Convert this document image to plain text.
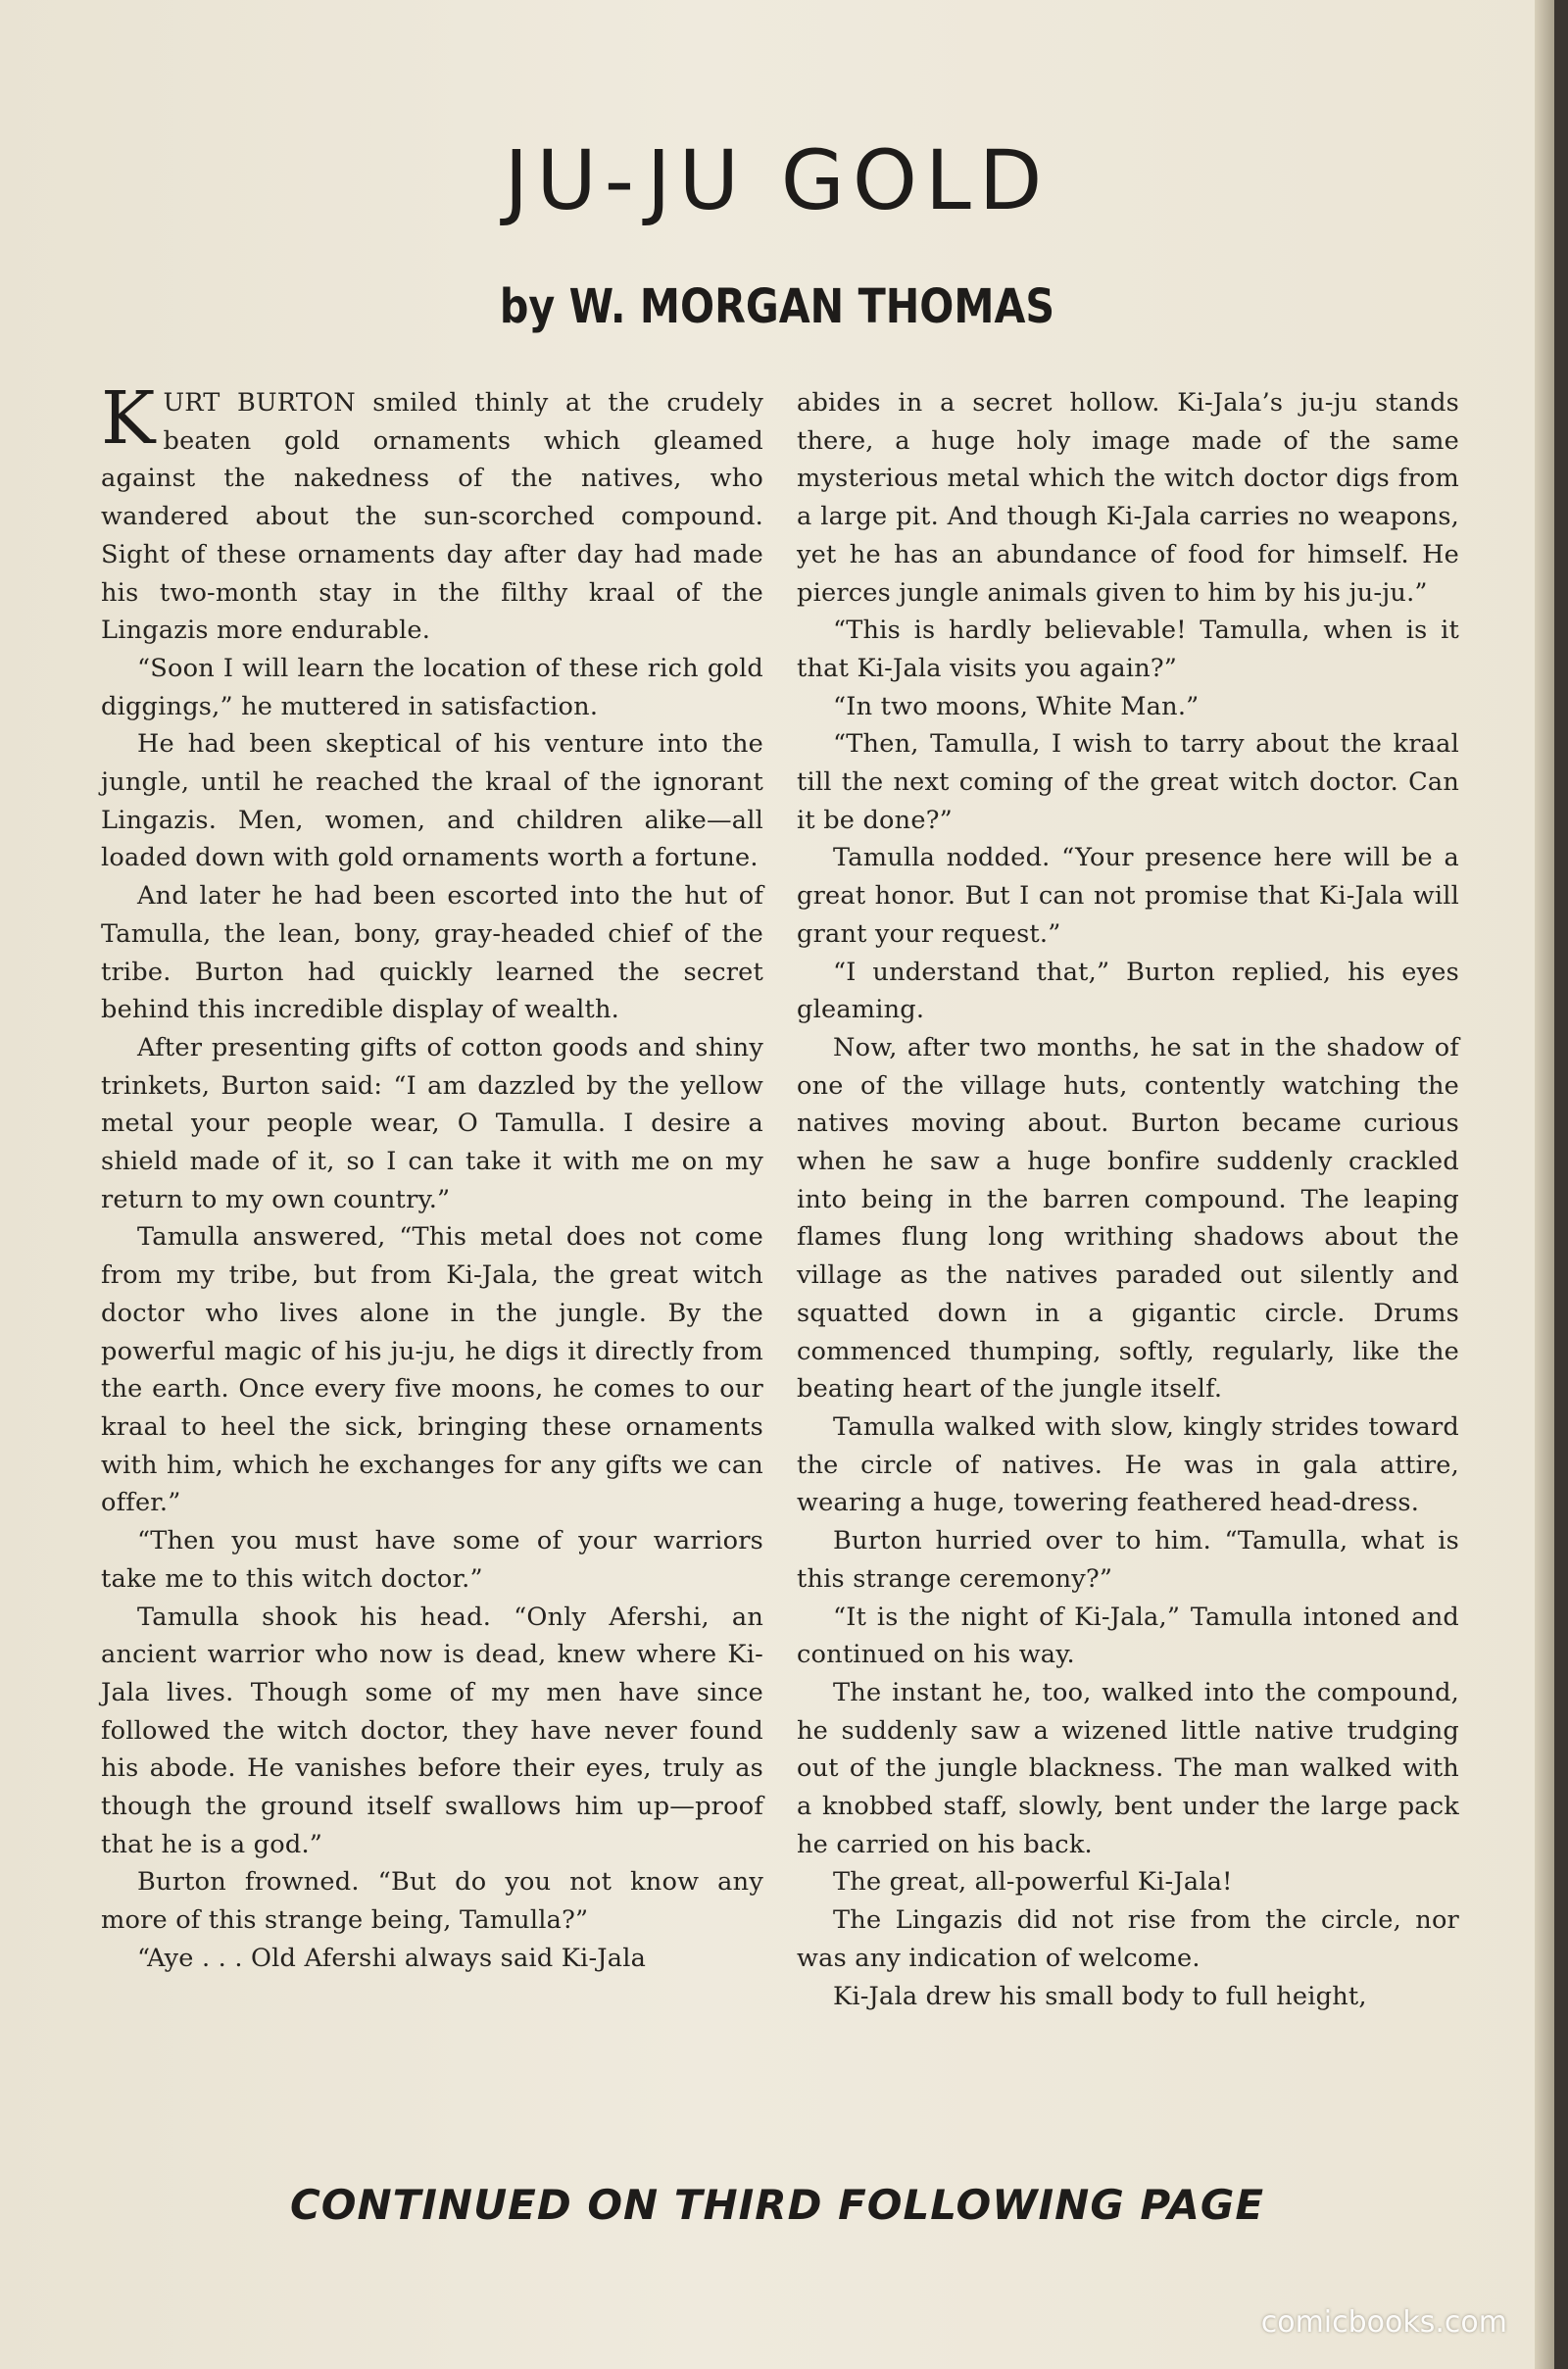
JU-JU GOLD
by W. MORGAN THOMAS

KURT BURTON smiled thinly at the crudely beaten gold ornaments which gleamed against the nakedness of the natives, who wandered about the sun-scorched compound. Sight of these ornaments day after day had made his two-month stay in the filthy kraal of the Lingazis more endurable.

“Soon I will learn the location of these rich gold diggings,” he muttered in satisfaction.

He had been skeptical of his venture into the jungle, until he reached the kraal of the ignorant Lingazis. Men, women, and children alike—all loaded down with gold ornaments worth a fortune.

And later he had been escorted into the hut of Tamulla, the lean, bony, gray-headed chief of the tribe. Burton had quickly learned the secret behind this incredible display of wealth.

After presenting gifts of cotton goods and shiny trinkets, Burton said: “I am dazzled by the yellow metal your people wear, O Tamulla. I desire a shield made of it, so I can take it with me on my return to my own country.”

Tamulla answered, “This metal does not come from my tribe, but from Ki-Jala, the great witch doctor who lives alone in the jungle. By the powerful magic of his ju-ju, he digs it directly from the earth. Once every five moons, he comes to our kraal to heel the sick, bringing these ornaments with him, which he exchanges for any gifts we can offer.”

“Then you must have some of your warriors take me to this witch doctor.”

Tamulla shook his head. “Only Afershi, an ancient warrior who now is dead, knew where Ki-Jala lives. Though some of my men have since followed the witch doctor, they have never found his abode. He vanishes before their eyes, truly as though the ground itself swallows him up—proof that he is a god.”

Burton frowned. “But do you not know any more of this strange being, Tamulla?”

“Aye . . . Old Afershi always said Ki-Jala

abides in a secret hollow. Ki-Jala’s ju-ju stands there, a huge holy image made of the same mysterious metal which the witch doctor digs from a large pit. And though Ki-Jala carries no weapons, yet he has an abundance of food for himself. He pierces jungle animals given to him by his ju-ju.”

“This is hardly believable! Tamulla, when is it that Ki-Jala visits you again?”

“In two moons, White Man.”

“Then, Tamulla, I wish to tarry about the kraal till the next coming of the great witch doctor. Can it be done?”

Tamulla nodded. “Your presence here will be a great honor. But I can not promise that Ki-Jala will grant your request.”

“I understand that,” Burton replied, his eyes gleaming.

Now, after two months, he sat in the shadow of one of the village huts, contently watching the natives moving about. Burton became curious when he saw a huge bonfire suddenly crackled into being in the barren compound. The leaping flames flung long writhing shadows about the village as the natives paraded out silently and squatted down in a gigantic circle. Drums commenced thumping, softly, regularly, like the beating heart of the jungle itself.

Tamulla walked with slow, kingly strides toward the circle of natives. He was in gala attire, wearing a huge, towering feathered head-dress.

Burton hurried over to him. “Tamulla, what is this strange ceremony?”

“It is the night of Ki-Jala,” Tamulla intoned and continued on his way.

The instant he, too, walked into the compound, he suddenly saw a wizened little native trudging out of the jungle blackness. The man walked with a knobbed staff, slowly, bent under the large pack he carried on his back.

The great, all-powerful Ki-Jala!

The Lingazis did not rise from the circle, nor was any indication of welcome.

Ki-Jala drew his small body to full height,

CONTINUED ON THIRD FOLLOWING PAGE
comicbooks.com
